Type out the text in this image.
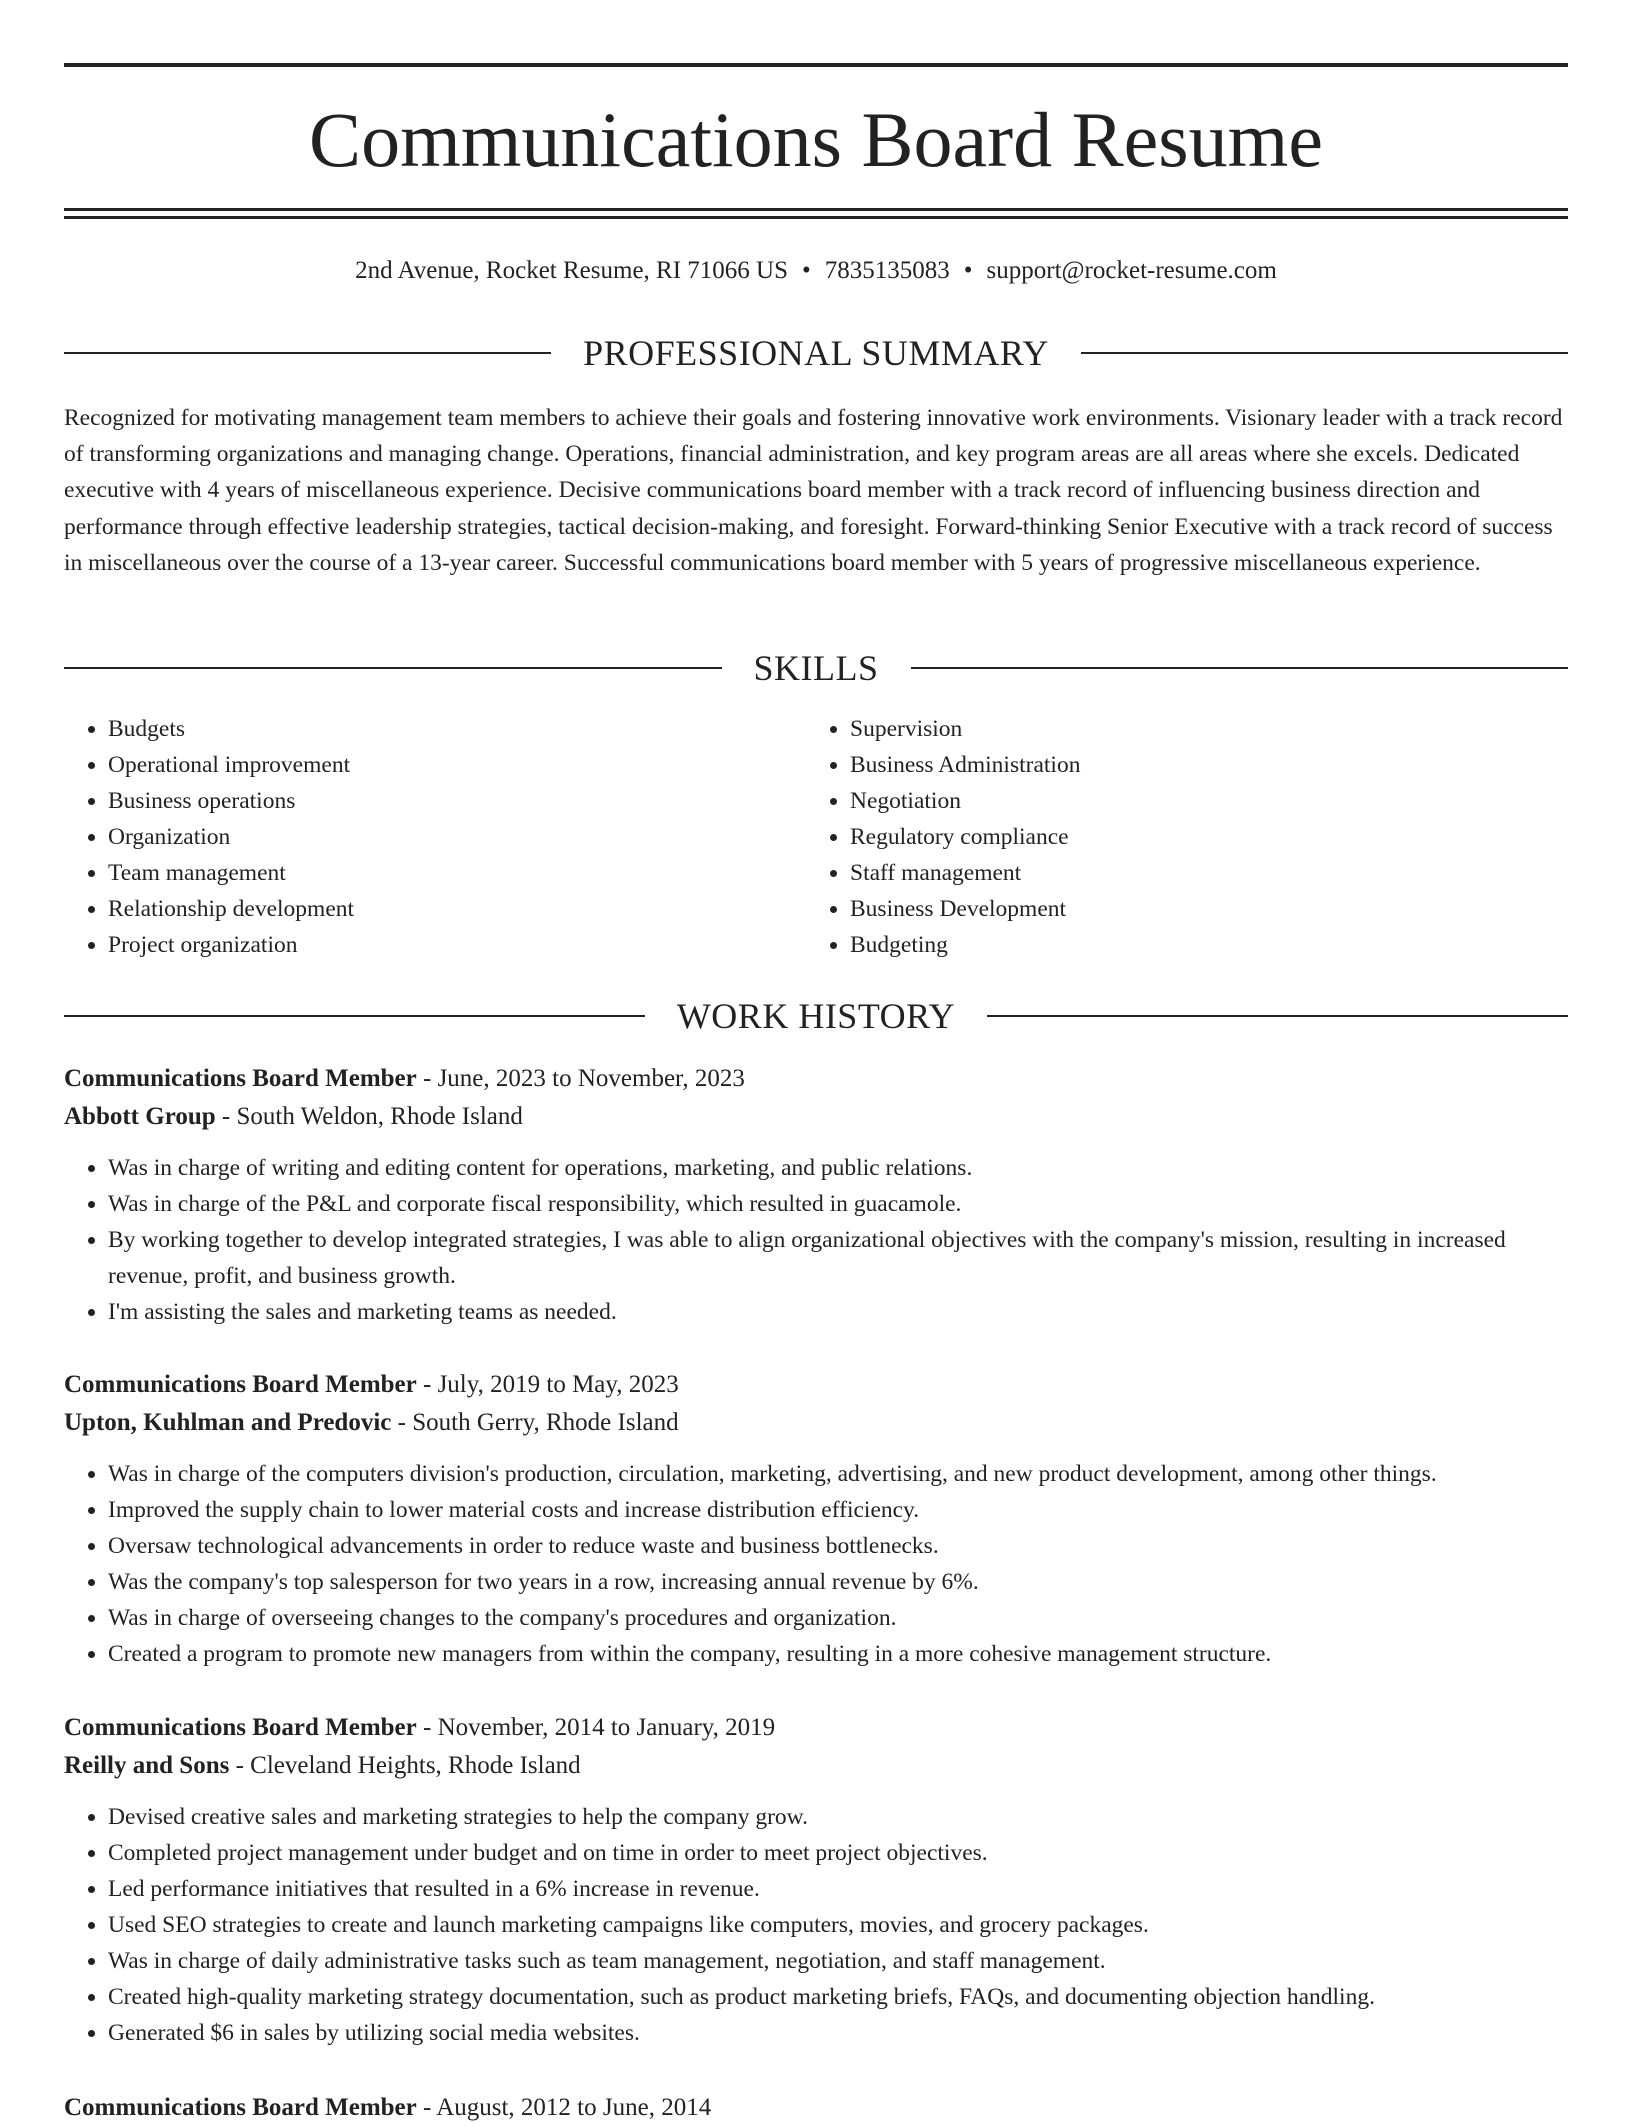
Communications Board Resume
2nd Avenue, Rocket Resume, RI 71066 US • 7835135083 • support@rocket-resume.com
PROFESSIONAL SUMMARY

Recognized for motivating management team members to achieve their goals and fostering innovative work environments. Visionary leader with a track record of transforming organizations and managing change. Operations, financial administration, and key program areas are all areas where she excels. Dedicated executive with 4 years of miscellaneous experience. Decisive communications board member with a track record of influencing business direction and performance through effective leadership strategies, tactical decision-making, and foresight. Forward-thinking Senior Executive with a track record of success in miscellaneous over the course of a 13-year career. Successful communications board member with 5 years of progressive miscellaneous experience.

SKILLS
• Budgets
• Operational improvement
• Business operations
• Organization
• Team management
• Relationship development
• Project organization
• Supervision
• Business Administration
• Negotiation
• Regulatory compliance
• Staff management
• Business Development
• Budgeting
WORK HISTORY

Communications Board Member - June, 2023 to November, 2023

Abbott Group - South Weldon, Rhode Island

• Was in charge of writing and editing content for operations, marketing, and public relations.
• Was in charge of the P&L and corporate fiscal responsibility, which resulted in guacamole.
• By working together to develop integrated strategies, I was able to align organizational objectives with the company's mission, resulting in increased revenue, profit, and business growth.
• I'm assisting the sales and marketing teams as needed.

Communications Board Member - July, 2019 to May, 2023

Upton, Kuhlman and Predovic - South Gerry, Rhode Island

• Was in charge of the computers division's production, circulation, marketing, advertising, and new product development, among other things.
• Improved the supply chain to lower material costs and increase distribution efficiency.
• Oversaw technological advancements in order to reduce waste and business bottlenecks.
• Was the company's top salesperson for two years in a row, increasing annual revenue by 6%.
• Was in charge of overseeing changes to the company's procedures and organization.
• Created a program to promote new managers from within the company, resulting in a more cohesive management structure.

Communications Board Member - November, 2014 to January, 2019

Reilly and Sons - Cleveland Heights, Rhode Island

• Devised creative sales and marketing strategies to help the company grow.
• Completed project management under budget and on time in order to meet project objectives.
• Led performance initiatives that resulted in a 6% increase in revenue.
• Used SEO strategies to create and launch marketing campaigns like computers, movies, and grocery packages.
• Was in charge of daily administrative tasks such as team management, negotiation, and staff management.
• Created high-quality marketing strategy documentation, such as product marketing briefs, FAQs, and documenting objection handling.
• Generated $6 in sales by utilizing social media websites.

Communications Board Member - August, 2012 to June, 2014
